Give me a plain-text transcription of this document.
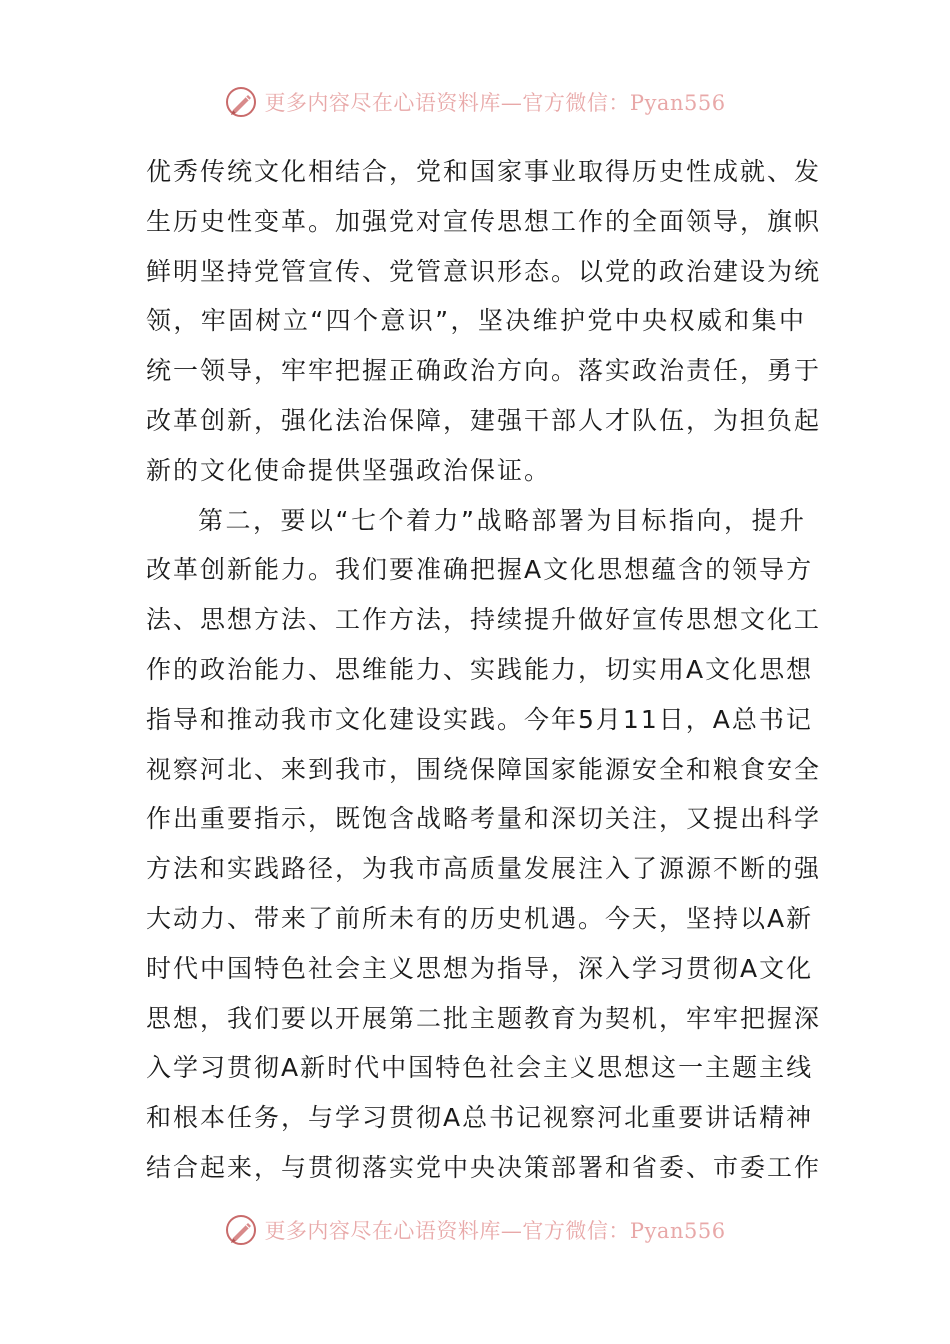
更多内容尽在心语资料库—官方微信：Pyan556
优秀传统文化相结合，党和国家事业取得历史性成就、发
生历史性变革。加强党对宣传思想工作的全面领导，旗帜
鲜明坚持党管宣传、党管意识形态。以党的政治建设为统
领，牢固树立“四个意识”，坚决维护党中央权威和集中
统一领导，牢牢把握正确政治方向。落实政治责任，勇于
改革创新，强化法治保障，建强干部人才队伍，为担负起
新的文化使命提供坚强政治保证。
第二，要以“七个着力”战略部署为目标指向，提升
改革创新能力。我们要准确把握A文化思想蕴含的领导方
法、思想方法、工作方法，持续提升做好宣传思想文化工
作的政治能力、思维能力、实践能力，切实用A文化思想
指导和推动我市文化建设实践。今年5月11日，A总书记
视察河北、来到我市，围绕保障国家能源安全和粮食安全
作出重要指示，既饱含战略考量和深切关注，又提出科学
方法和实践路径，为我市高质量发展注入了源源不断的强
大动力、带来了前所未有的历史机遇。今天，坚持以A新
时代中国特色社会主义思想为指导，深入学习贯彻A文化
思想，我们要以开展第二批主题教育为契机，牢牢把握深
入学习贯彻A新时代中国特色社会主义思想这一主题主线
和根本任务，与学习贯彻A总书记视察河北重要讲话精神
结合起来，与贯彻落实党中央决策部署和省委、市委工作
更多内容尽在心语资料库—官方微信：Pyan556
